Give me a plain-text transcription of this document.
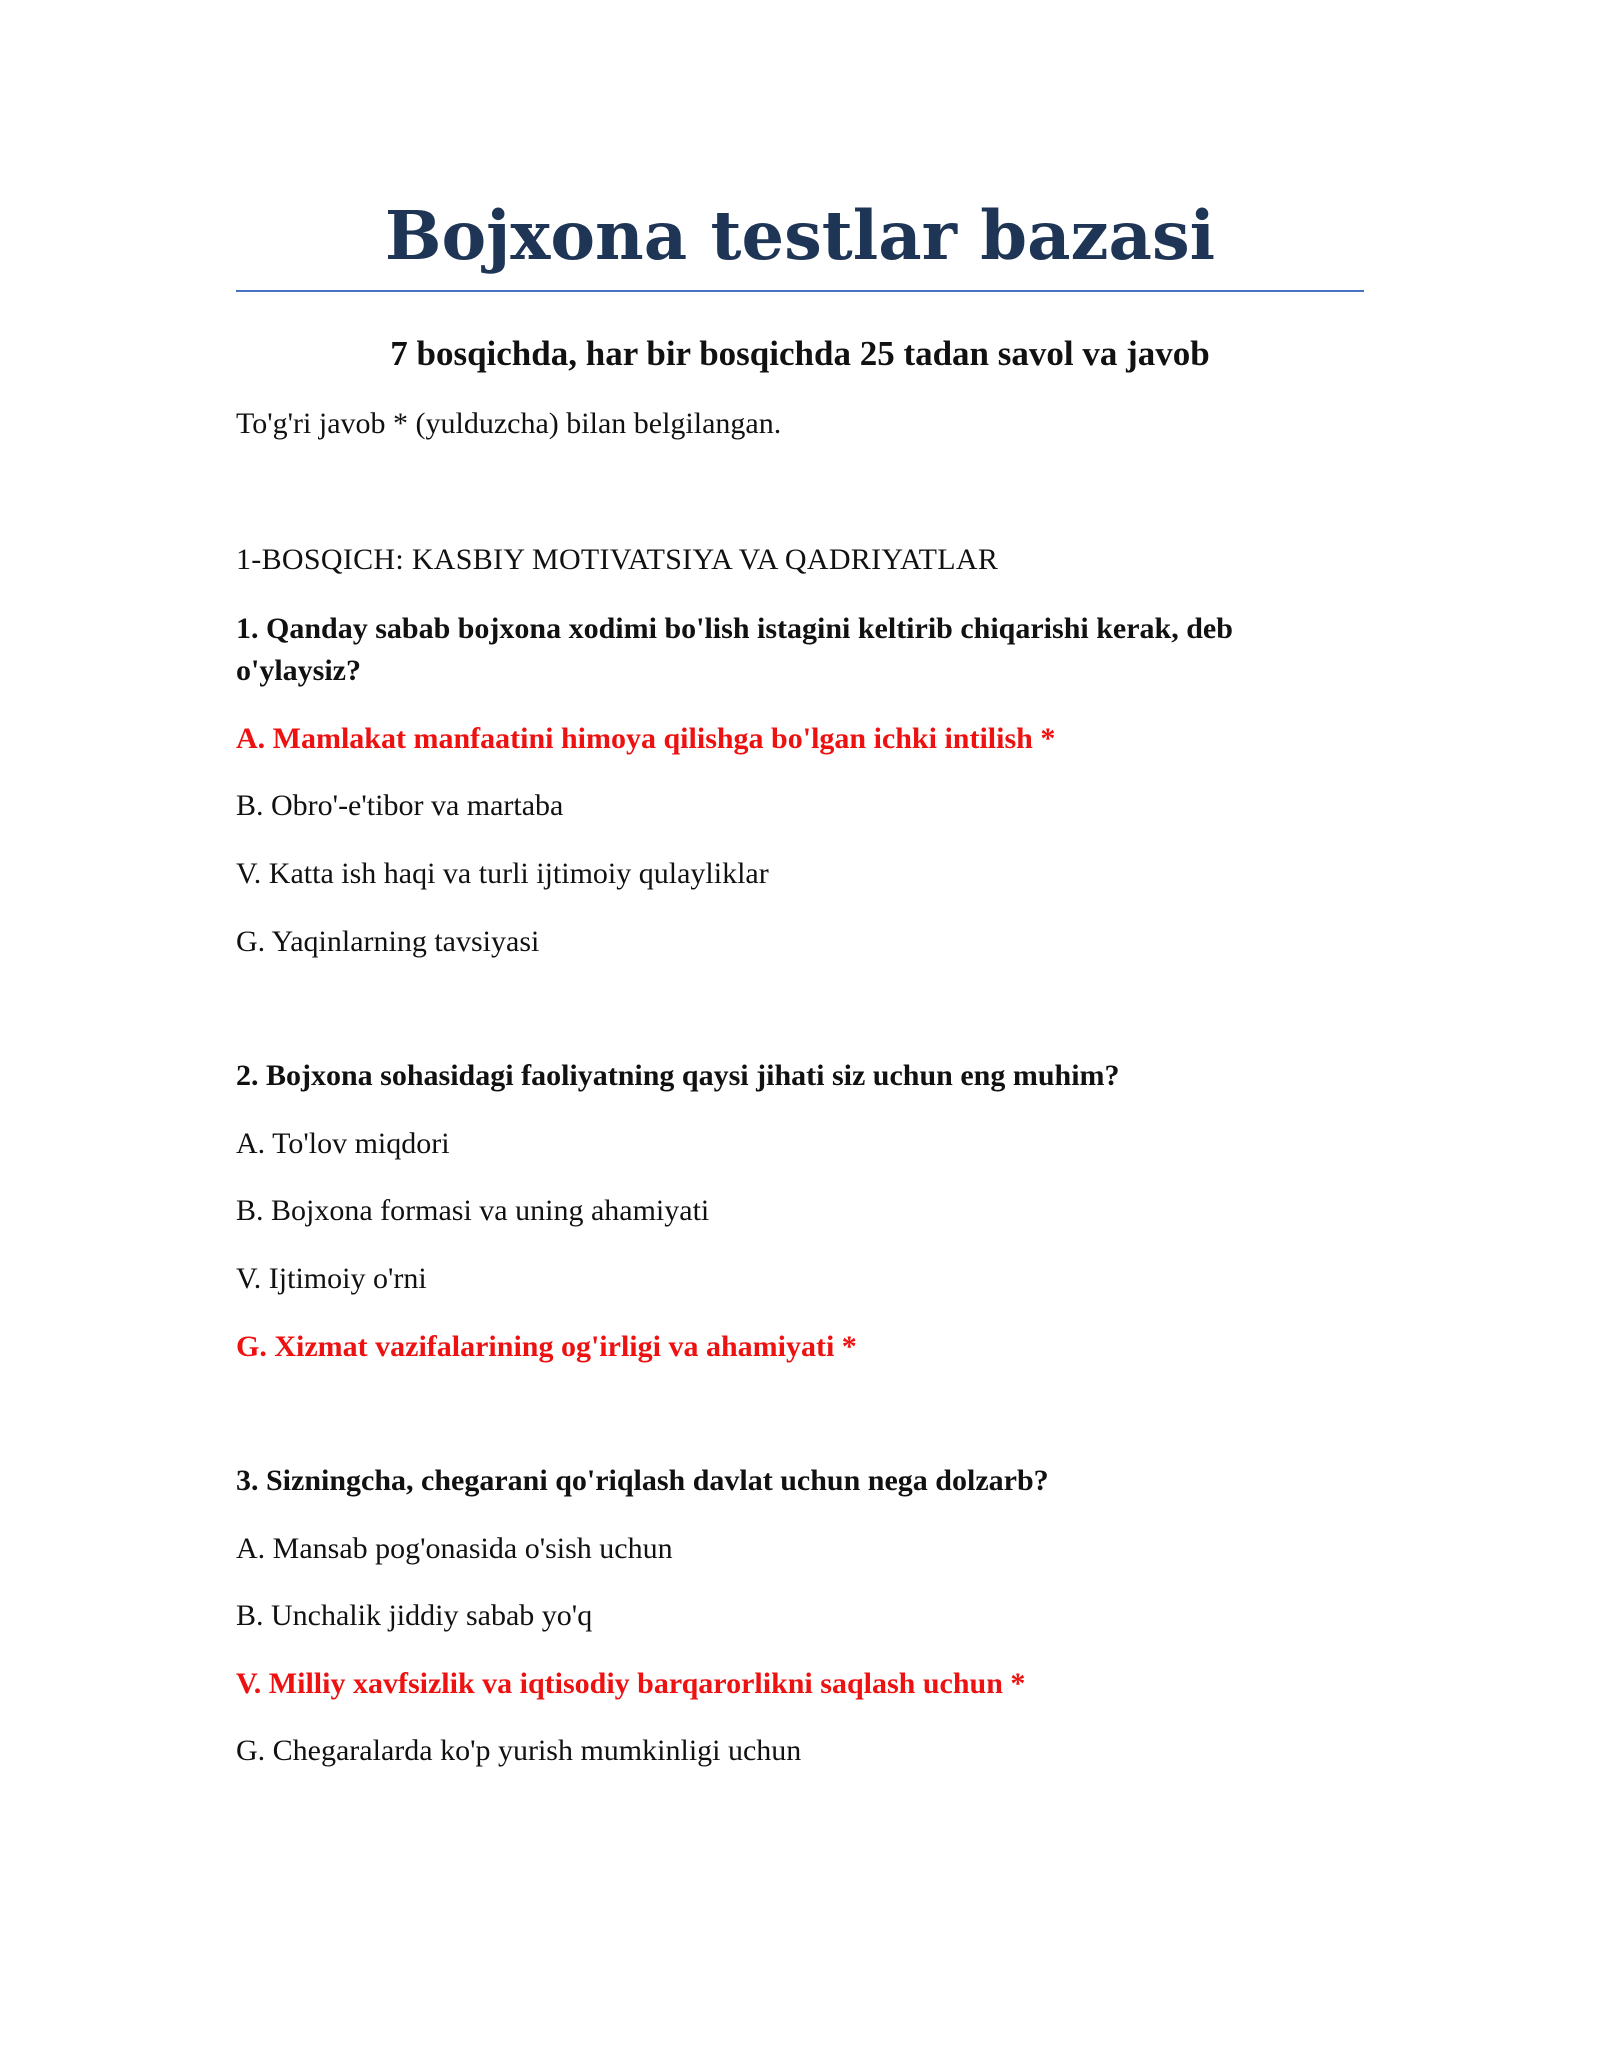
Bojxona testlar bazasi
7 bosqichda, har bir bosqichda 25 tadan savol va javob

To'g'ri javob * (yulduzcha) bilan belgilangan.

1-BOSQICH: KASBIY MOTIVATSIYA VA QADRIYATLAR

1. Qanday sabab bojxona xodimi bo'lish istagini keltirib chiqarishi kerak, deb o'ylaysiz?

A. Mamlakat manfaatini himoya qilishga bo'lgan ichki intilish *

B. Obro'-e'tibor va martaba

V. Katta ish haqi va turli ijtimoiy qulayliklar

G. Yaqinlarning tavsiyasi

2. Bojxona sohasidagi faoliyatning qaysi jihati siz uchun eng muhim?

A. To'lov miqdori

B. Bojxona formasi va uning ahamiyati

V. Ijtimoiy o'rni

G. Xizmat vazifalarining og'irligi va ahamiyati *

3. Sizningcha, chegarani qo'riqlash davlat uchun nega dolzarb?

A. Mansab pog'onasida o'sish uchun

B. Unchalik jiddiy sabab yo'q

V. Milliy xavfsizlik va iqtisodiy barqarorlikni saqlash uchun *

G. Chegaralarda ko'p yurish mumkinligi uchun
